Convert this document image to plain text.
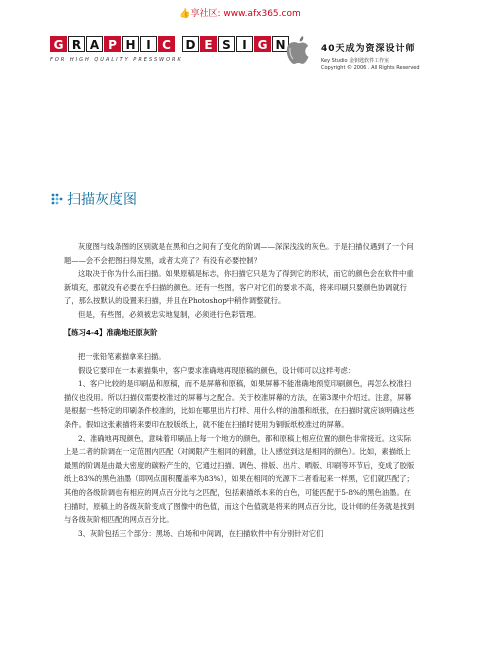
👍享社区: www.afx365.com
G R A P H I C	D E S I G N
FOR HIGH QUALITY PRESSWORK
40天成为资深设计师
Key Studio 金钥匙软件工作室
Copyright © 2006 . All Rights Reserved
扫描灰度图

灰度图与线条图的区别就是在黑和白之间有了变化的阶调——深深浅浅的灰色。于是扫描仪遇到了一个问题——会不会把图扫得发黑，或者太亮了？有没有必要控制？

这取决于你为什么而扫描。如果原稿是标志，你扫描它只是为了得到它的形状，而它的颜色会在软件中重新填充，那就没有必要在乎扫描的颜色。还有一些图，客户对它们的要求不高，将来印刷只要颜色协调就行了，那么按默认的设置来扫描，并且在Photoshop中稍作调整就行。

但是，有些图，必须被忠实地复制，必须进行色彩管理。

【练习4-4】准确地还原灰阶

把一张铅笔素描拿来扫描。

假设它要印在一本素描集中，客户要求准确地再现原稿的颜色，设计师可以这样考虑：

1、客户比较的是印刷品和原稿，而不是屏幕和原稿，如果屏幕不能准确地预览印刷颜色，再怎么校准扫描仪也没用。所以扫描仪需要校准过的屏幕与之配合。关于校准屏幕的方法，在第3课中介绍过。注意，屏幕是根据一些特定的印刷条件校准的，比如在哪里出片打样、用什么样的油墨和纸张，在扫描时就应该明确这些条件。假如这张素描将来要印在胶版纸上，就不能在扫描时使用为铜版纸校准过的屏幕。

2、准确地再现颜色，意味着印刷品上每一个地方的颜色，都和原稿上相应位置的颜色非常接近。这实际上是二者的阶调在一定范围内匹配（对阈限产生相同的刺激，让人感觉到这是相同的颜色）。比如，素描纸上最黑的阶调是由最大密度的碳粉产生的，它通过扫描、调色、排版、出片、晒版、印刷等环节后，变成了胶版纸上83%的黑色油墨（即网点面积覆盖率为83%），如果在相同的光源下二者看起来一样黑，它们就匹配了；其他的各级阶调也有相应的网点百分比与之匹配，包括素描纸本来的白色，可能匹配于5-8%的黑色油墨。在扫描时，原稿上的各级灰阶变成了图像中的色值，而这个色值就是将来的网点百分比，设计师的任务就是找到与各级灰阶相匹配的网点百分比。

3、灰阶包括三个部分：黑场、白场和中间调，在扫描软件中有分别针对它们
